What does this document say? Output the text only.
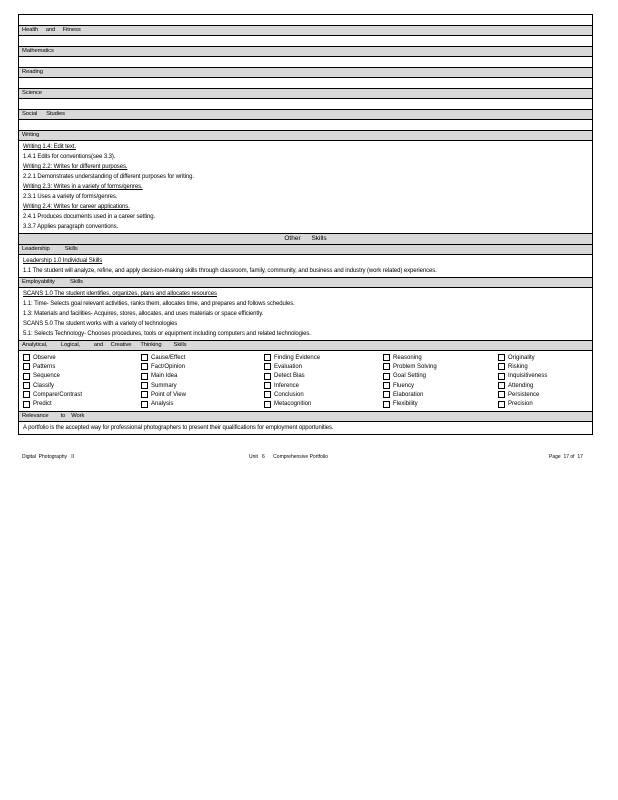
Health     and     Fitness
Mathematics
Reading
Science
Social      Studies
Writing
Writing 1.4: Edit text.
1.4.1 Edits for conventions(see 3.3).
Writing 2.2: Writes for different purposes.
2.2.1 Demonstrates understanding of different purposes for writing.
Writing 2.3: Writes in a variety of forms/genres.
2.3.1 Uses a variety of forms/genres.
Writing 2.4: Writes for career applications.
2.4.1 Produces documents used in a career setting.
3.3.7 Applies paragraph conventions.
Other      Skills
Leadership          Skills
Leadership 1.0 Individual Skills
1.1 The student will analyze, refine, and apply decision-making skills through classroom, family, community, and business and industry (work related) experiences.
Employability          Skills
SCANS 1.0 The student identifies, organizes, plans and allocates resources
1.1: Time- Selects goal relevant activities, ranks them, allocates time, and prepares and follows schedules.
1.3: Materials and facilities- Acquires, stores, allocates, and uses materials or space efficiently.
SCANS 5.0 The student works with a variety of technologies
5.1: Selects Technology- Chooses procedures, tools or equipment including computers and related technologies.
Analytical,         Logical,         and     Creative      Thinking        Skills
Observe
Patterns
Sequence
Classify
Compare/Contrast
Predict
Cause/Effect
Fact/Opinion
Main Idea
Summary
Point of View
Analysis
Finding Evidence
Evaluation
Detect Bias
Inference
Conclusion
Metacognition
Reasoning
Problem Solving
Goal Setting
Fluency
Elaboration
Flexibility
Originality
Risking
Inquisitiveness
Attending
Persistence
Precision
Relevance        to    Work
A portfolio is the accepted way for professional photographers to present their qualifications for employment opportunities.
Digital  Photography   II	Unit   6      Comprehensive Portfolio	Page  17 of  17
